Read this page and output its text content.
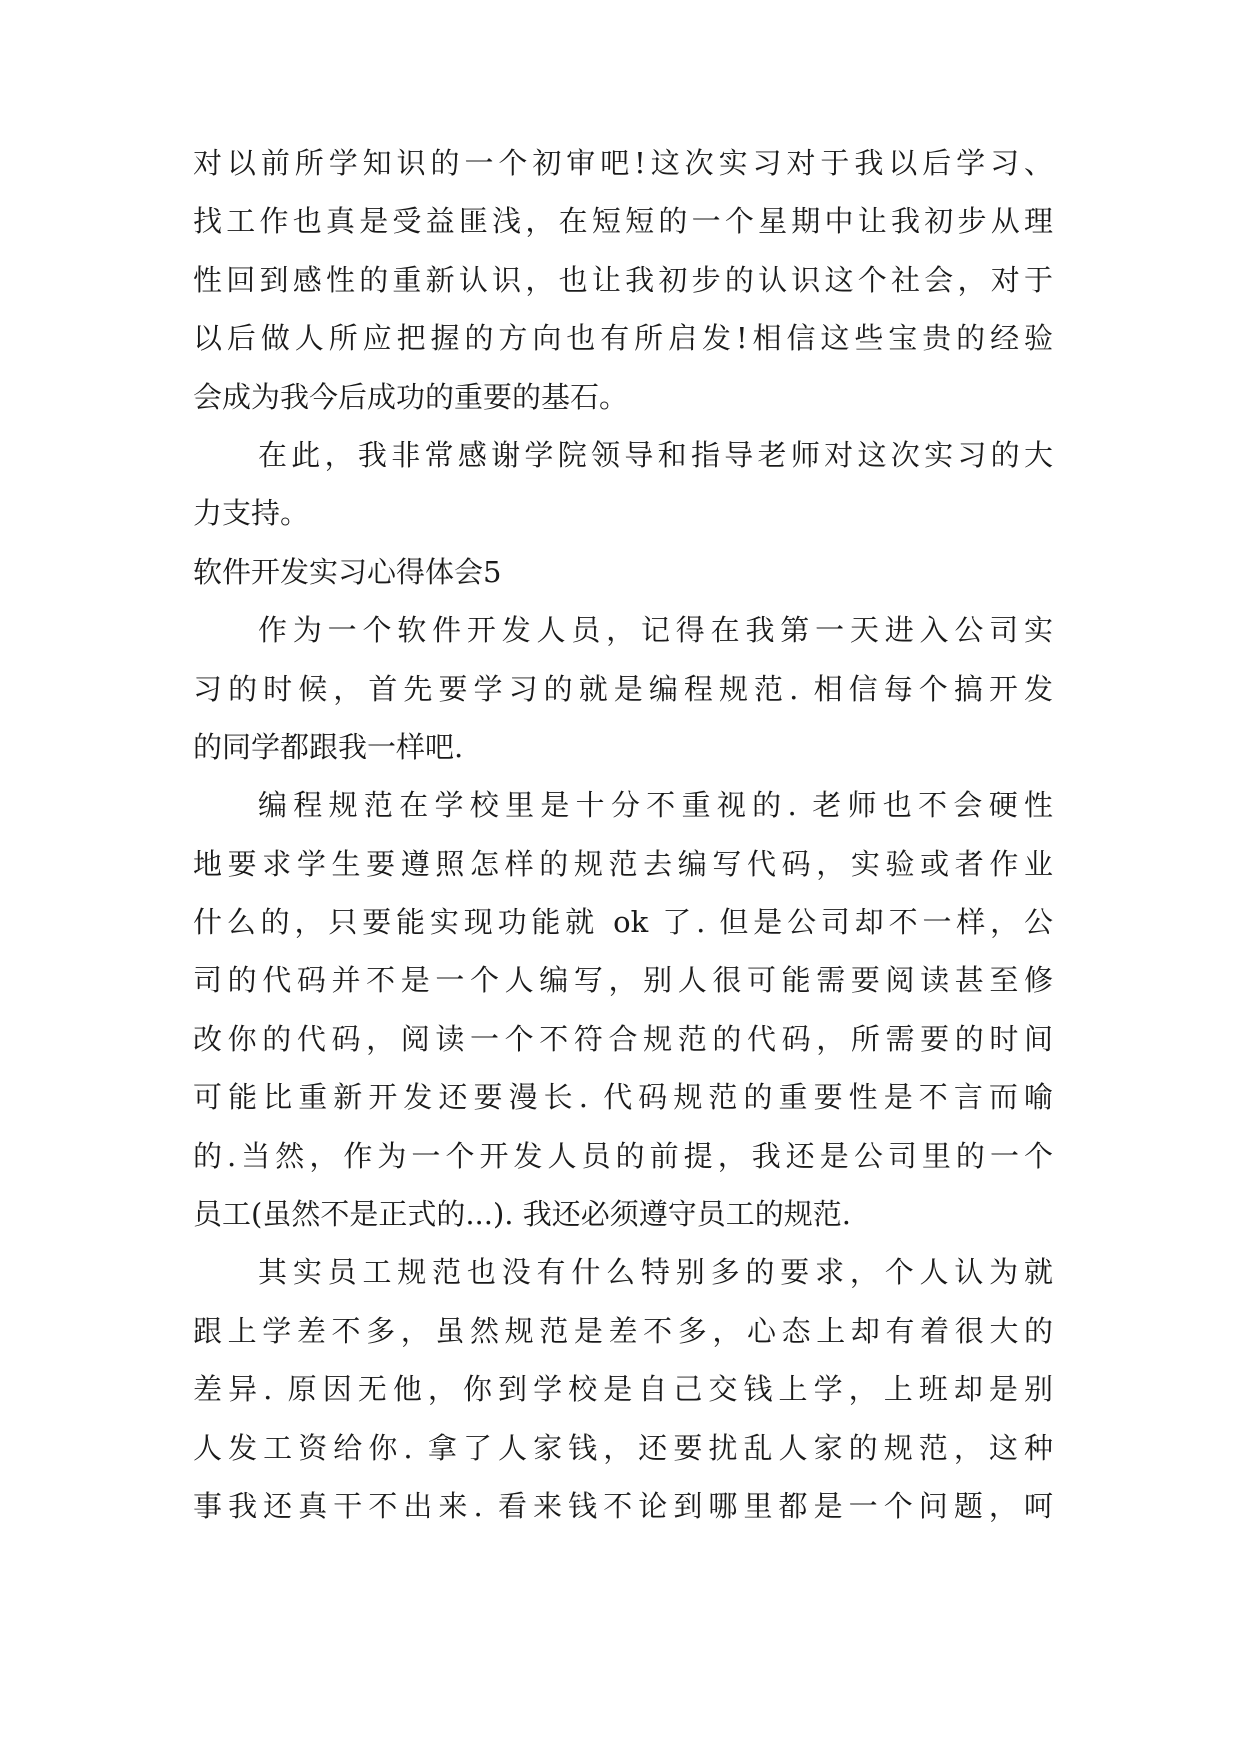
对以前所学知识的一个初审吧!这次实习对于我以后学习、
找工作也真是受益匪浅，在短短的一个星期中让我初步从理
性回到感性的重新认识，也让我初步的认识这个社会，对于
以后做人所应把握的方向也有所启发!相信这些宝贵的经验
会成为我今后成功的重要的基石。
在此，我非常感谢学院领导和指导老师对这次实习的大
力支持。
软件开发实习心得体会5
作为一个软件开发人员，记得在我第一天进入公司实
习的时候，首先要学习的就是编程规范. 相信每个搞开发
的同学都跟我一样吧.
编程规范在学校里是十分不重视的. 老师也不会硬性
地要求学生要遵照怎样的规范去编写代码，实验或者作业
什么的，只要能实现功能就 ok 了. 但是公司却不一样，公
司的代码并不是一个人编写，别人很可能需要阅读甚至修
改你的代码，阅读一个不符合规范的代码，所需要的时间
可能比重新开发还要漫长. 代码规范的重要性是不言而喻
的.当然，作为一个开发人员的前提，我还是公司里的一个
员工(虽然不是正式的...). 我还必须遵守员工的规范.
其实员工规范也没有什么特别多的要求，个人认为就
跟上学差不多，虽然规范是差不多，心态上却有着很大的
差异. 原因无他，你到学校是自己交钱上学，上班却是别
人发工资给你. 拿了人家钱，还要扰乱人家的规范，这种
事我还真干不出来. 看来钱不论到哪里都是一个问题，呵
